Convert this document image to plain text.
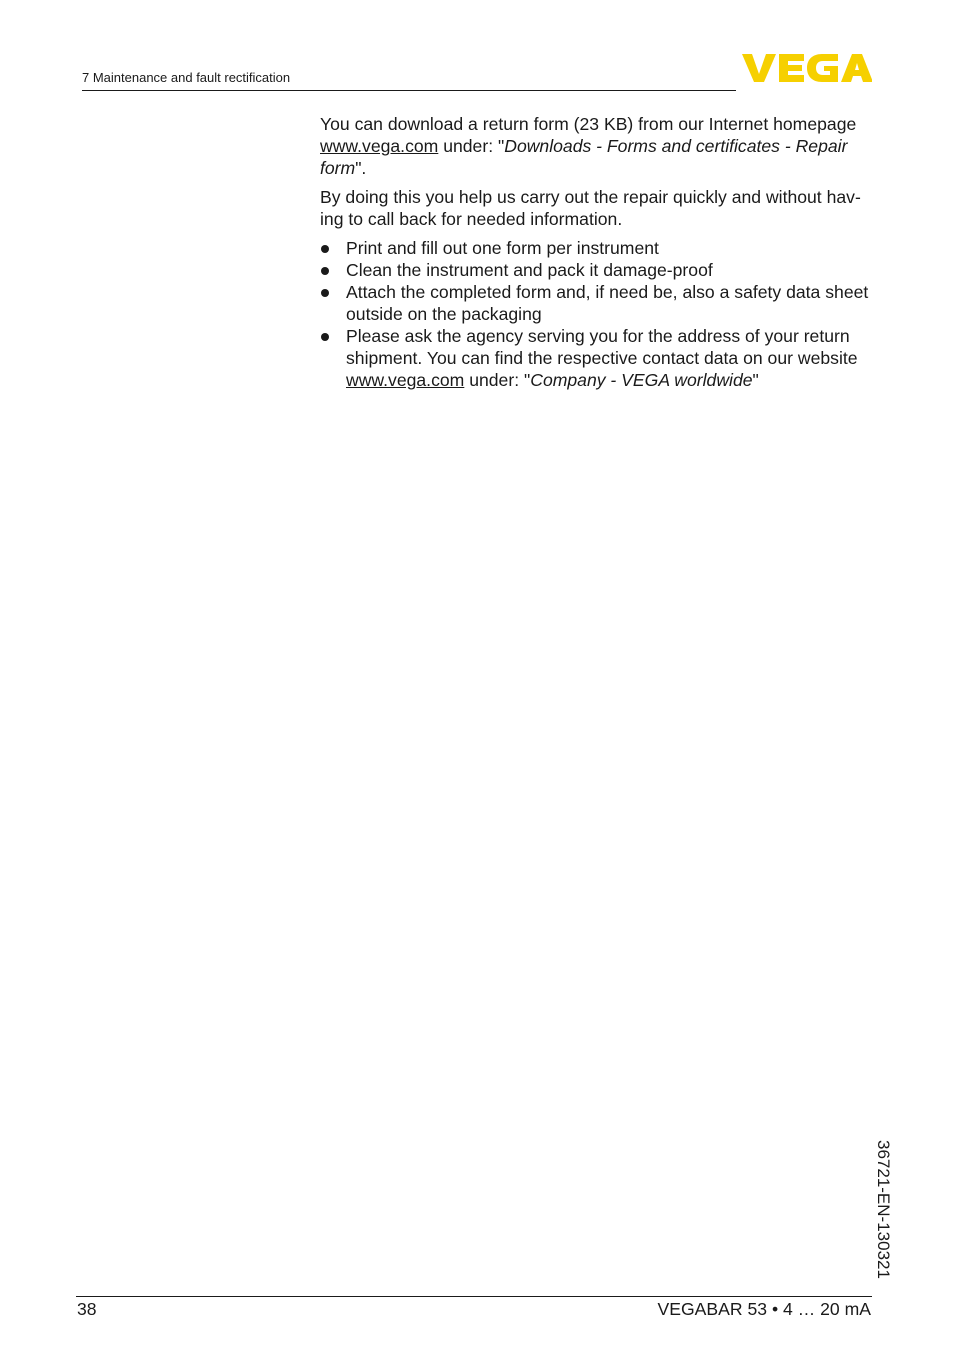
7 Maintenance and fault rectification
VEGA

You can download a return form (23 KB) from our Internet homepage www.vega.com under: "Downloads - Forms and certificates - Repair form".

By doing this you help us carry out the repair quickly and without hav-ing to call back for needed information.

Print and fill out one form per instrument
Clean the instrument and pack it damage-proof
Attach the completed form and, if need be, also a safety data sheet outside on the packaging
Please ask the agency serving you for the address of your return shipment. You can find the respective contact data on our website www.vega.com under: "Company - VEGA worldwide"
36721-EN-130321
38	VEGABAR 53 • 4 … 20 mA
